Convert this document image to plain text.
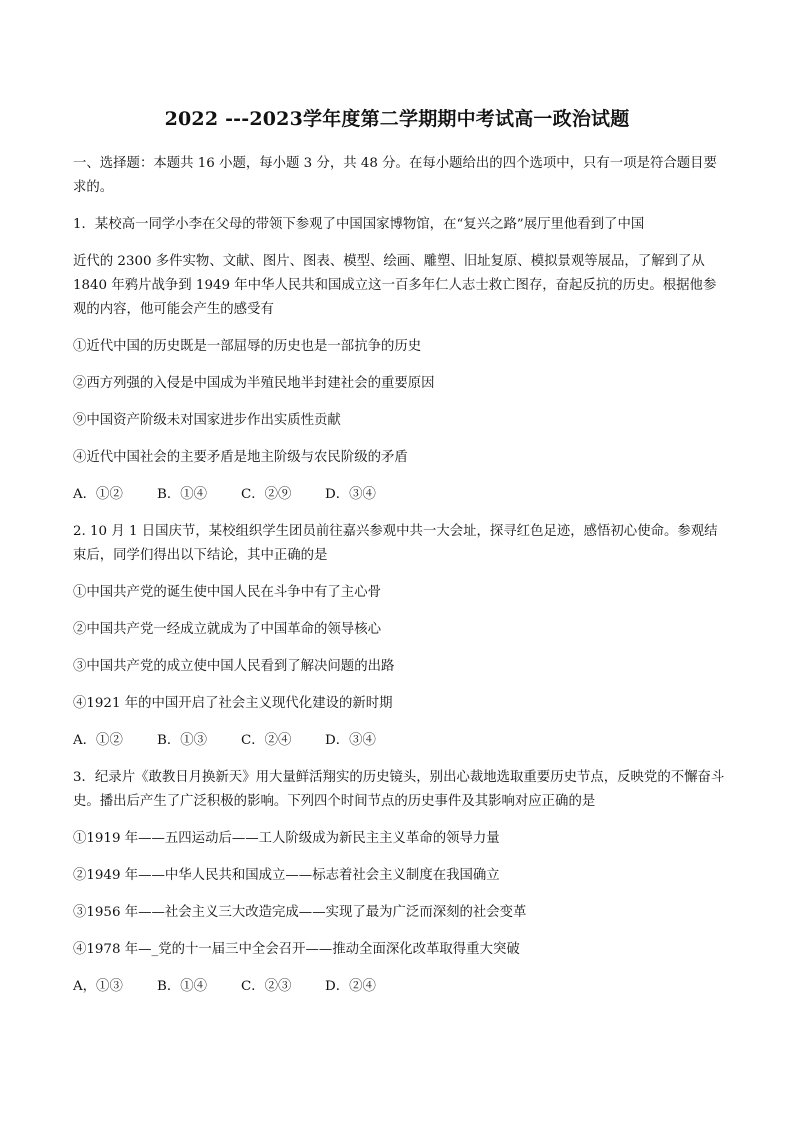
2022 ---2023学年度第二学期期中考试高一政治试题

一、选择题：本题共 16 小题，每小题 3 分，共 48 分。在每小题给出的四个选项中，只有一项是符合题目要求的。

1．某校高一同学小李在父母的带领下参观了中国国家博物馆，在“复兴之路”展厅里他看到了中国

近代的 2300 多件实物、文献、图片、图表、模型、绘画、雕塑、旧址复原、模拟景观等展品，了解到了从 1840 年鸦片战争到 1949 年中华人民共和国成立这一百多年仁人志士救亡图存，奋起反抗的历史。根据他参观的内容，他可能会产生的感受有

①近代中国的历史既是一部屈辱的历史也是一部抗争的历史

②西方列强的入侵是中国成为半殖民地半封建社会的重要原因

⑨中国资产阶级未对国家进步作出实质性贡献

④近代中国社会的主要矛盾是地主阶级与农民阶级的矛盾

A．①②	B．①④	C．②⑨	D．③④

2. 10 月 1 日国庆节，某校组织学生团员前往嘉兴参观中共一大会址，探寻红色足迹，感悟初心使命。参观结束后，同学们得出以下结论，其中正确的是

①中国共产党的诞生使中国人民在斗争中有了主心骨

②中国共产党一经成立就成为了中国革命的领导核心

③中国共产党的成立使中国人民看到了解决问题的出路

④1921 年的中国开启了社会主义现代化建设的新时期

A．①②	B．①③	C．②④	D．③④

3．纪录片《敢教日月换新天》用大量鲜活翔实的历史镜头，别出心裁地选取重要历史节点，反映党的不懈奋斗史。播出后产生了广泛积极的影响。下列四个时间节点的历史事件及其影响对应正确的是

①1919 年——五四运动后——工人阶级成为新民主主义革命的领导力量

②1949 年——中华人民共和国成立——标志着社会主义制度在我国确立

③1956 年——社会主义三大改造完成——实现了最为广泛而深刻的社会变革

④1978 年—_党的十一届三中全会召开——推动全面深化改革取得重大突破

A，①③	B．①④	C．②③	D．②④
